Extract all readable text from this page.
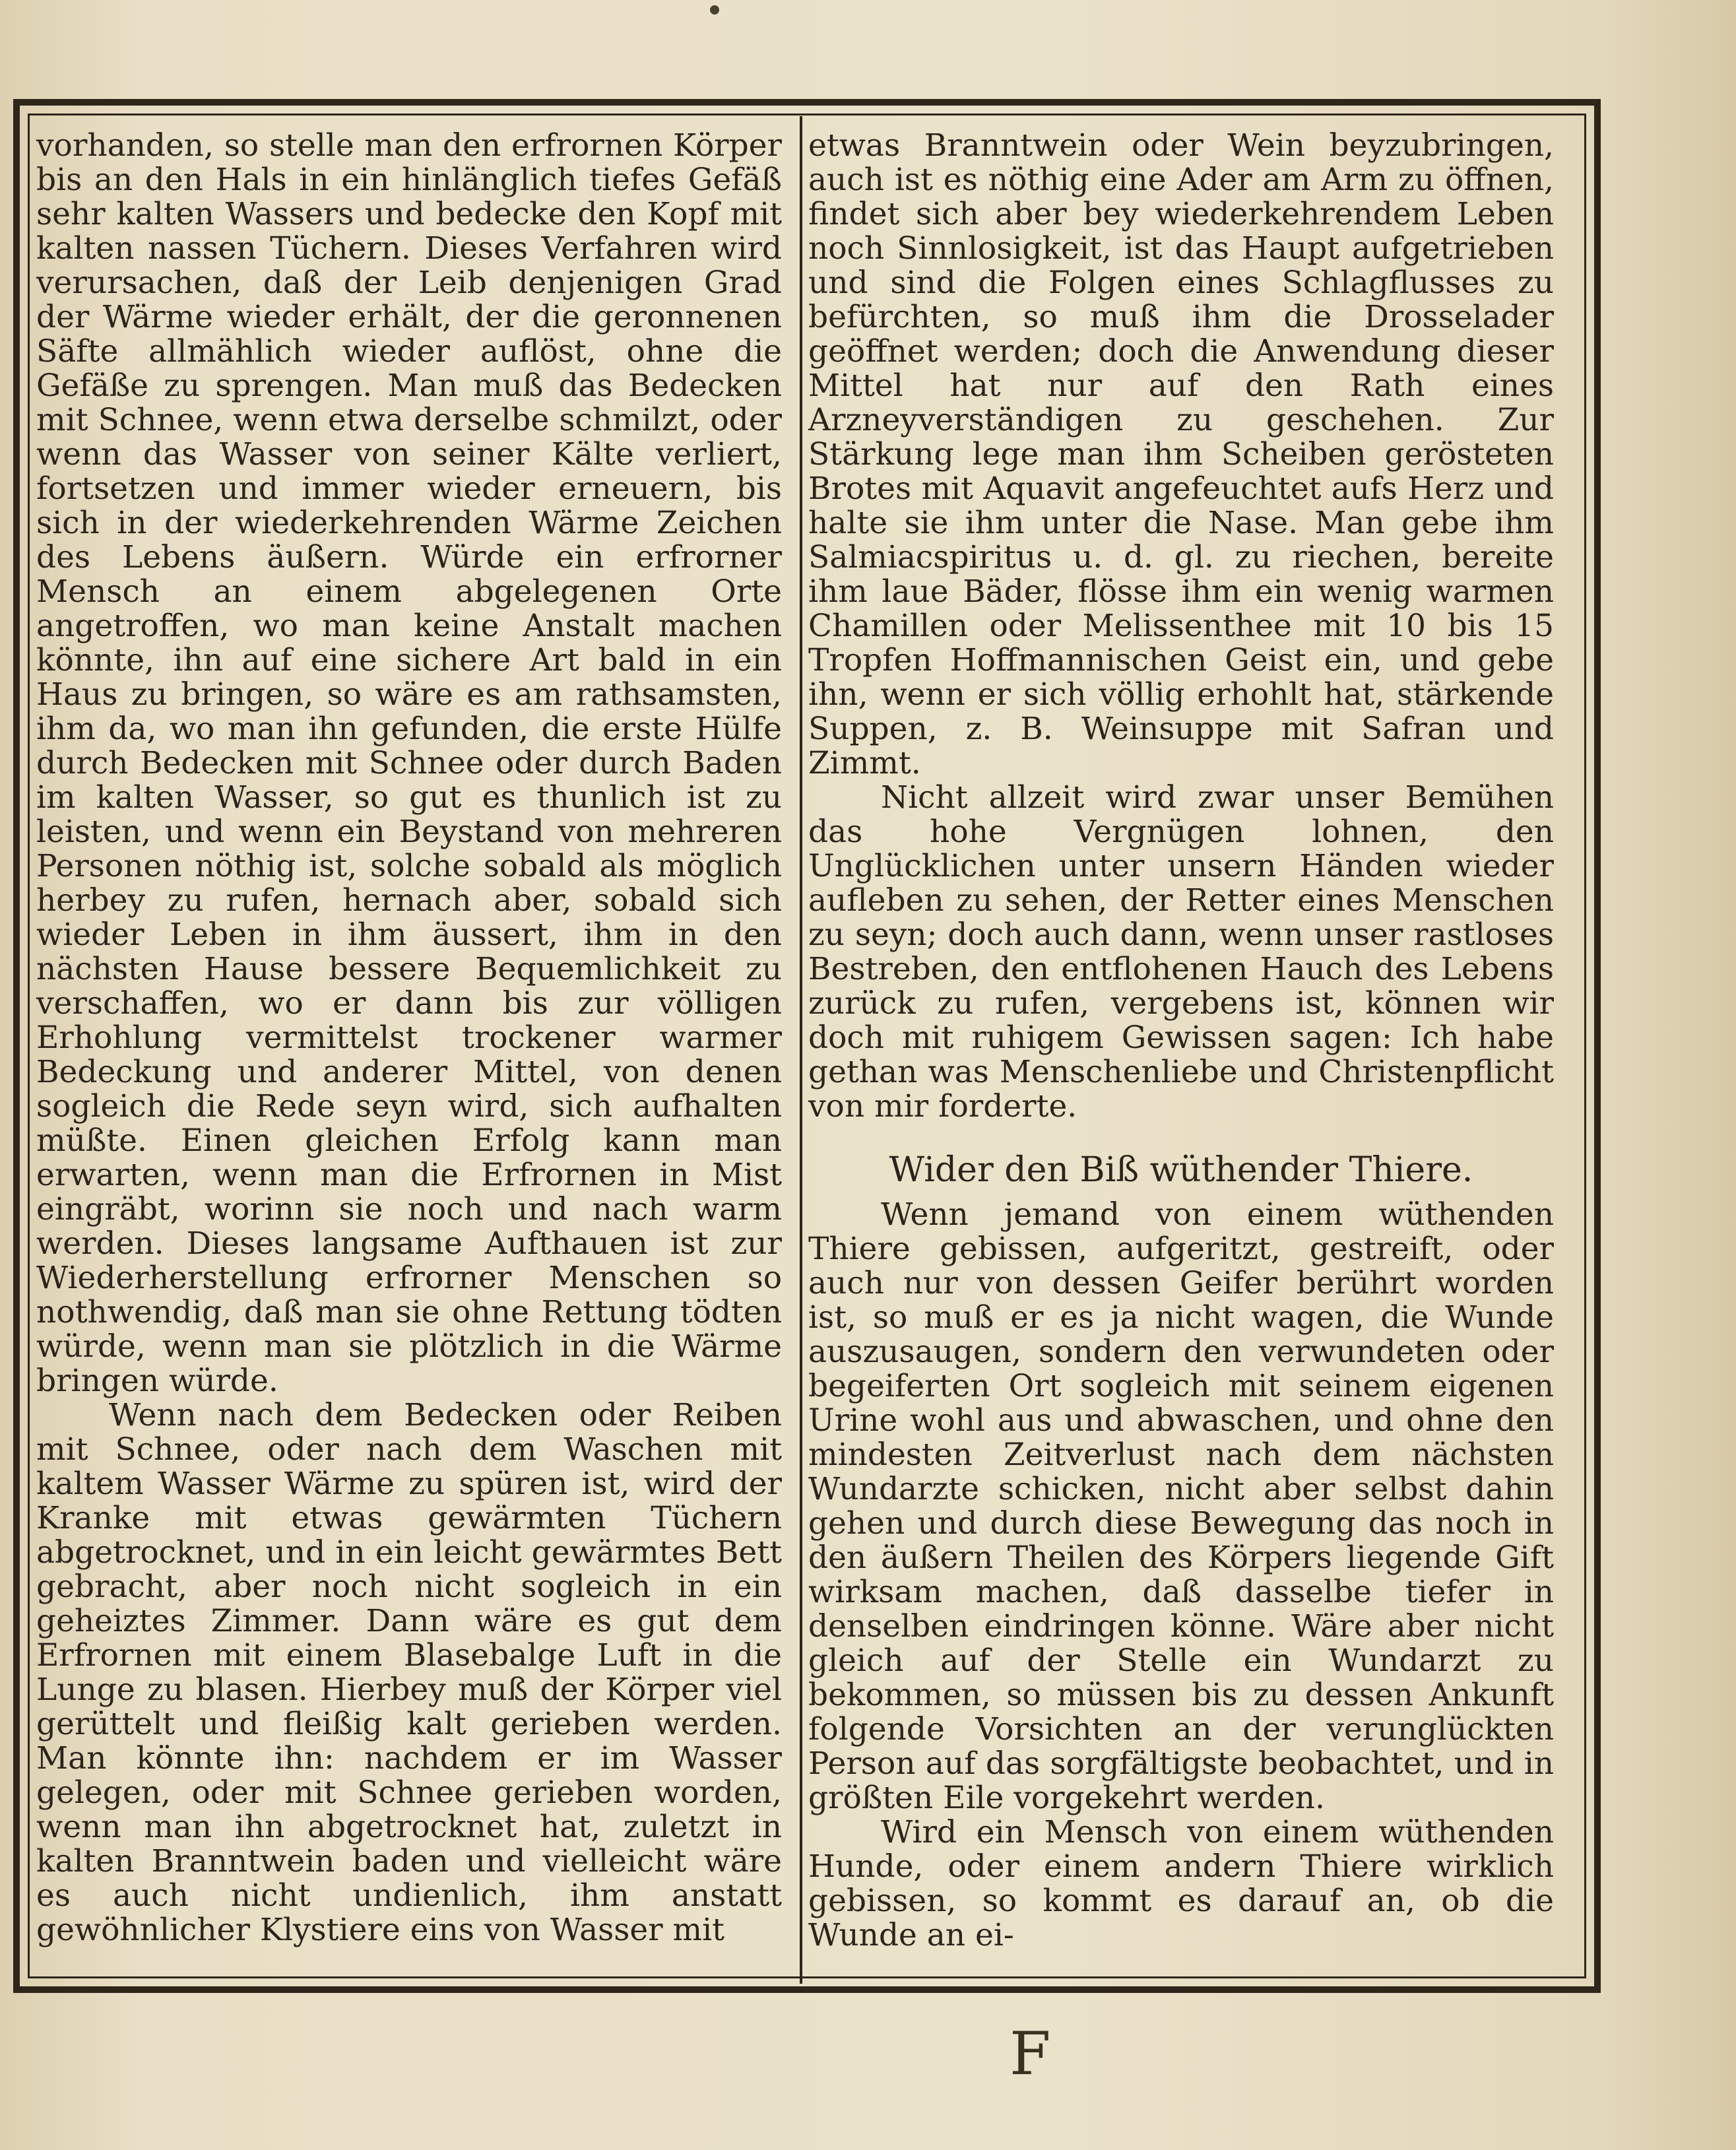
vorhanden, so stelle man den erfrornen Körper bis an den Hals in ein hinlänglich tiefes Gefäß sehr kalten Wassers und bedecke den Kopf mit kalten nassen Tüchern. Dieses Verfahren wird verursachen, daß der Leib denjenigen Grad der Wärme wieder erhält, der die geronnenen Säfte allmählich wieder auflöst, ohne die Gefäße zu sprengen. Man muß das Bedecken mit Schnee, wenn etwa derselbe schmilzt, oder wenn das Wasser von seiner Kälte verliert, fortsetzen und immer wieder erneuern, bis sich in der wiederkehrenden Wärme Zeichen des Lebens äußern. Würde ein erfrorner Mensch an einem abgelegenen Orte angetroffen, wo man keine Anstalt machen könnte, ihn auf eine sichere Art bald in ein Haus zu bringen, so wäre es am rathsamsten, ihm da, wo man ihn gefunden, die erste Hülfe durch Bedecken mit Schnee oder durch Baden im kalten Wasser, so gut es thunlich ist zu leisten, und wenn ein Beystand von mehreren Personen nöthig ist, solche sobald als möglich herbey zu rufen, hernach aber, sobald sich wieder Leben in ihm äussert, ihm in den nächsten Hause bessere Bequemlichkeit zu verschaffen, wo er dann bis zur völligen Erhohlung vermittelst trockener warmer Bedeckung und anderer Mittel, von denen sogleich die Rede seyn wird, sich aufhalten müßte. Einen gleichen Erfolg kann man erwarten, wenn man die Erfrornen in Mist eingräbt, worinn sie noch und nach warm werden. Dieses langsame Aufthauen ist zur Wiederherstellung erfrorner Menschen so nothwendig, daß man sie ohne Rettung tödten würde, wenn man sie plötzlich in die Wärme bringen würde.

Wenn nach dem Bedecken oder Reiben mit Schnee, oder nach dem Waschen mit kaltem Wasser Wärme zu spüren ist, wird der Kranke mit etwas gewärmten Tüchern abgetrocknet, und in ein leicht gewärmtes Bett gebracht, aber noch nicht sogleich in ein geheiztes Zimmer. Dann wäre es gut dem Erfrornen mit einem Blasebalge Luft in die Lunge zu blasen. Hierbey muß der Körper viel gerüttelt und fleißig kalt gerieben werden. Man könnte ihn: nachdem er im Wasser gelegen, oder mit Schnee gerieben worden, wenn man ihn abgetrocknet hat, zuletzt in kalten Branntwein baden und vielleicht wäre es auch nicht undienlich, ihm anstatt gewöhnlicher Klystiere eins von Wasser mit

etwas Branntwein oder Wein beyzubringen, auch ist es nöthig eine Ader am Arm zu öffnen, findet sich aber bey wiederkehrendem Leben noch Sinnlosigkeit, ist das Haupt aufgetrieben und sind die Folgen eines Schlagflusses zu befürchten, so muß ihm die Drosselader geöffnet werden; doch die Anwendung dieser Mittel hat nur auf den Rath eines Arzneyverständigen zu geschehen. Zur Stärkung lege man ihm Scheiben gerösteten Brotes mit Aquavit angefeuchtet aufs Herz und halte sie ihm unter die Nase. Man gebe ihm Salmiacspiritus u. d. gl. zu riechen, bereite ihm laue Bäder, flösse ihm ein wenig warmen Chamillen oder Melissenthee mit 10 bis 15 Tropfen Hoffmannischen Geist ein, und gebe ihn, wenn er sich völlig erhohlt hat, stärkende Suppen, z. B. Weinsuppe mit Safran und Zimmt.

Nicht allzeit wird zwar unser Bemühen das hohe Vergnügen lohnen, den Unglücklichen unter unsern Händen wieder aufleben zu sehen, der Retter eines Menschen zu seyn; doch auch dann, wenn unser rastloses Bestreben, den entflohenen Hauch des Lebens zurück zu rufen, vergebens ist, können wir doch mit ruhigem Gewissen sagen: Ich habe gethan was Menschenliebe und Christenpflicht von mir forderte.

Wider den Biß wüthender Thiere.

Wenn jemand von einem wüthenden Thiere gebissen, aufgeritzt, gestreift, oder auch nur von dessen Geifer berührt worden ist, so muß er es ja nicht wagen, die Wunde auszusaugen, sondern den verwundeten oder begeiferten Ort sogleich mit seinem eigenen Urine wohl aus und abwaschen, und ohne den mindesten Zeitverlust nach dem nächsten Wundarzte schicken, nicht aber selbst dahin gehen und durch diese Bewegung das noch in den äußern Theilen des Körpers liegende Gift wirksam machen, daß dasselbe tiefer in denselben eindringen könne. Wäre aber nicht gleich auf der Stelle ein Wundarzt zu bekommen, so müssen bis zu dessen Ankunft folgende Vorsichten an der verunglückten Person auf das sorgfältigste beobachtet, und in größten Eile vorgekehrt werden.

Wird ein Mensch von einem wüthenden Hunde, oder einem andern Thiere wirklich gebissen, so kommt es darauf an, ob die Wunde an ei-

F
